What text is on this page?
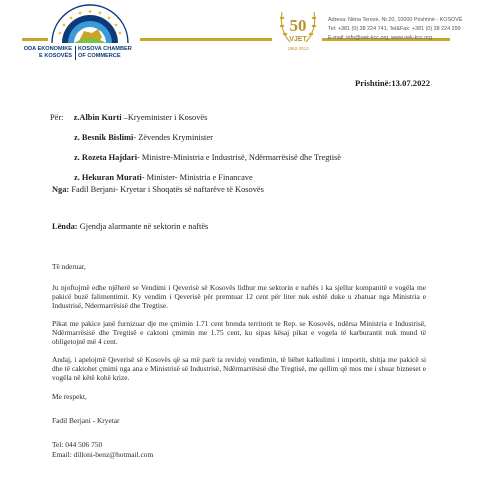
ODA EKONOMIKE
E KOSOVËS
KOSOVA CHAMBER
OF COMMERCE
50
VJET
1962-2012
Adresa: Nëna Tereze, Nr.20, 10000 Prishtinë - KOSOVË
Tel: +381 (0) 38 224 741, Tel&Fax: +381 (0) 38 224 299
E-mail: info@oek-kcc.org, www.oek-kcc.org
Prishtinë:13.07.2022
Për: z.Albin Kurti –Kryeminister i Kosovës
z. Besnik Bislimi- Zëvendes Kryminister
z. Rozeta Hajdari- Ministre-Ministria e Industrisë, Ndërmarrësisë dhe Tregtisë
z. Hekuran Murati- Minister- Ministria e Financave
Nga: Fadil Berjani- Kryetar i Shoqatës së naftarëve të Kosovës
Lënda: Gjendja alarmante në sektorin e naftës

Të nderuar,

Ju njoftojmë edhe njëherë se Vendimi i Qeverisë së Kosovës lidhur me sektorin e naftës i ka sjellur kompanitë e vogëla me pakicë buzë falimentimit. Ky vendim i Qeverisë për premtuar 12 cent për liter nuk eshtë duke u zbatuar nga Ministria e Industrisë, Ndermarrësisë dhe Tregtise.

Pikat me pakice janë furnizuar dje me çmimin 1.71 cent brenda territorit te Rep. se Kosovës, ndërsa Ministria e Industrisë, Ndërmarrësisë dhe Tregtisë e caktoni çmimin me 1.75 cent, ku sipas kësaj pikat e vogela të karburantit nuk mund të obligetojnë më 4 cent.

Andaj, i apelojmë Qeverisë së Kosovës që sa më parë ta revidoj vendimin, të bëhet kalkulimi i importit, shitja me pakicë si dhe të caktohet çmimi nga ana e Ministrisë së Industrisë, Ndërmarrësisë dhe Tregtisë, me qellim që mos me i shuar bizneset e vogëla në këtë kohë krize.

Me respekt,
Fadil Berjani - Kryetar
Tel: 044 506 750
Email: dilloni-benz@hotmail.com
